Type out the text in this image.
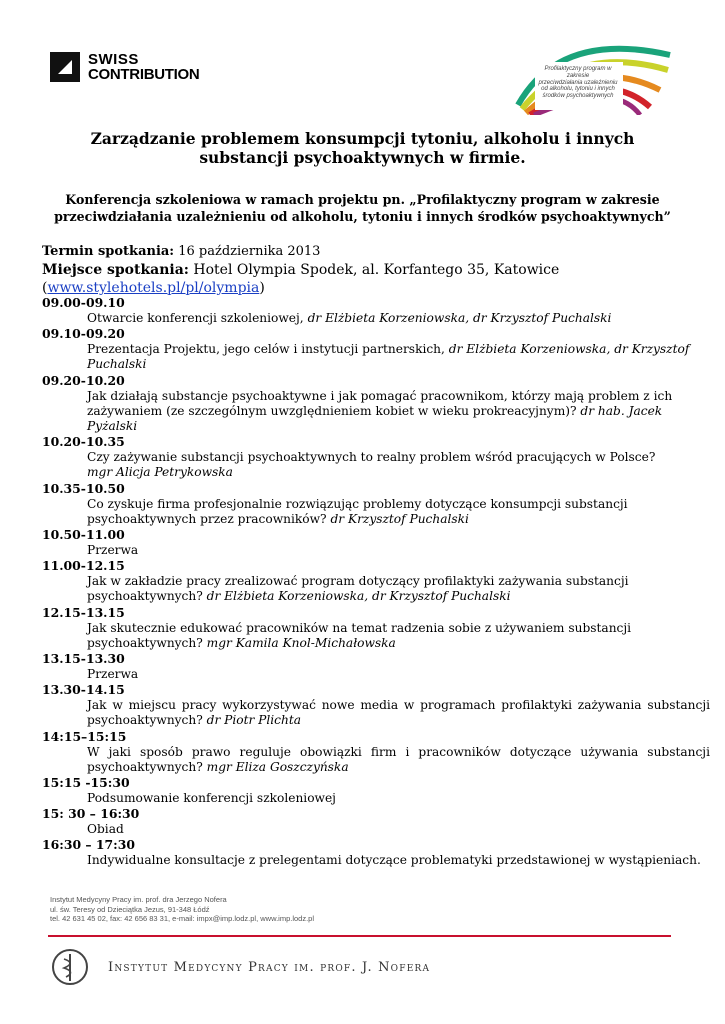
SWISS
CONTRIBUTION	Profilaktyczny program w zakresie
przeciwdziałania uzależnieniu
od alkoholu, tytoniu i innych
środków psychoaktywnych
Zarządzanie problemem konsumpcji tytoniu, alkoholu i innych substancji psychoaktywnych w firmie.
Konferencja szkoleniowa w ramach projektu pn. „Profilaktyczny program w zakresie przeciwdziałania uzależnieniu od alkoholu, tytoniu i innych środków psychoaktywnych”
Termin spotkania: 16 października 2013
Miejsce spotkania: Hotel Olympia Spodek, al. Korfantego 35, Katowice (www.stylehotels.pl/pl/olympia)
09.00-09.10
Otwarcie konferencji szkoleniowej, dr Elżbieta Korzeniowska, dr Krzysztof Puchalski
09.10-09.20
Prezentacja Projektu, jego celów i instytucji partnerskich, dr Elżbieta Korzeniowska, dr Krzysztof Puchalski
09.20-10.20
Jak działają substancje psychoaktywne i jak pomagać pracownikom, którzy mają problem z ich zażywaniem (ze szczególnym uwzględnieniem kobiet w wieku prokreacyjnym)? dr hab. Jacek Pyżalski
10.20-10.35
Czy zażywanie substancji psychoaktywnych to realny problem wśród pracujących w Polsce?
mgr Alicja Petrykowska
10.35-10.50
Co zyskuje firma profesjonalnie rozwiązując problemy dotyczące konsumpcji substancji psychoaktywnych przez pracowników? dr Krzysztof Puchalski
10.50-11.00
Przerwa
11.00-12.15
Jak w zakładzie pracy zrealizować program dotyczący profilaktyki zażywania substancji psychoaktywnych? dr Elżbieta Korzeniowska, dr Krzysztof Puchalski
12.15-13.15
Jak skutecznie edukować pracowników na temat radzenia sobie z używaniem substancji psychoaktywnych? mgr Kamila Knol-Michałowska
13.15-13.30
Przerwa
13.30-14.15
Jak w miejscu pracy wykorzystywać nowe media w programach profilaktyki zażywania substancji psychoaktywnych? dr Piotr Plichta
14:15–15:15
W jaki sposób prawo reguluje obowiązki firm i pracowników dotyczące używania substancji psychoaktywnych? mgr Eliza Goszczyńska
15:15 -15:30
Podsumowanie konferencji szkoleniowej
15: 30 – 16:30
Obiad
16:30 – 17:30
Indywidualne konsultacje z prelegentami dotyczące problematyki przedstawionej w wystąpieniach.
Instytut Medycyny Pracy im. prof. dra Jerzego Nofera
ul. św. Teresy od Dzieciątka Jezus, 91-348 Łódź
tel. 42 631 45 02, fax: 42 656 83 31, e-mail: impx@imp.lodz.pl, www.imp.lodz.pl
Instytut Medycyny Pracy im. prof. J. Nofera
